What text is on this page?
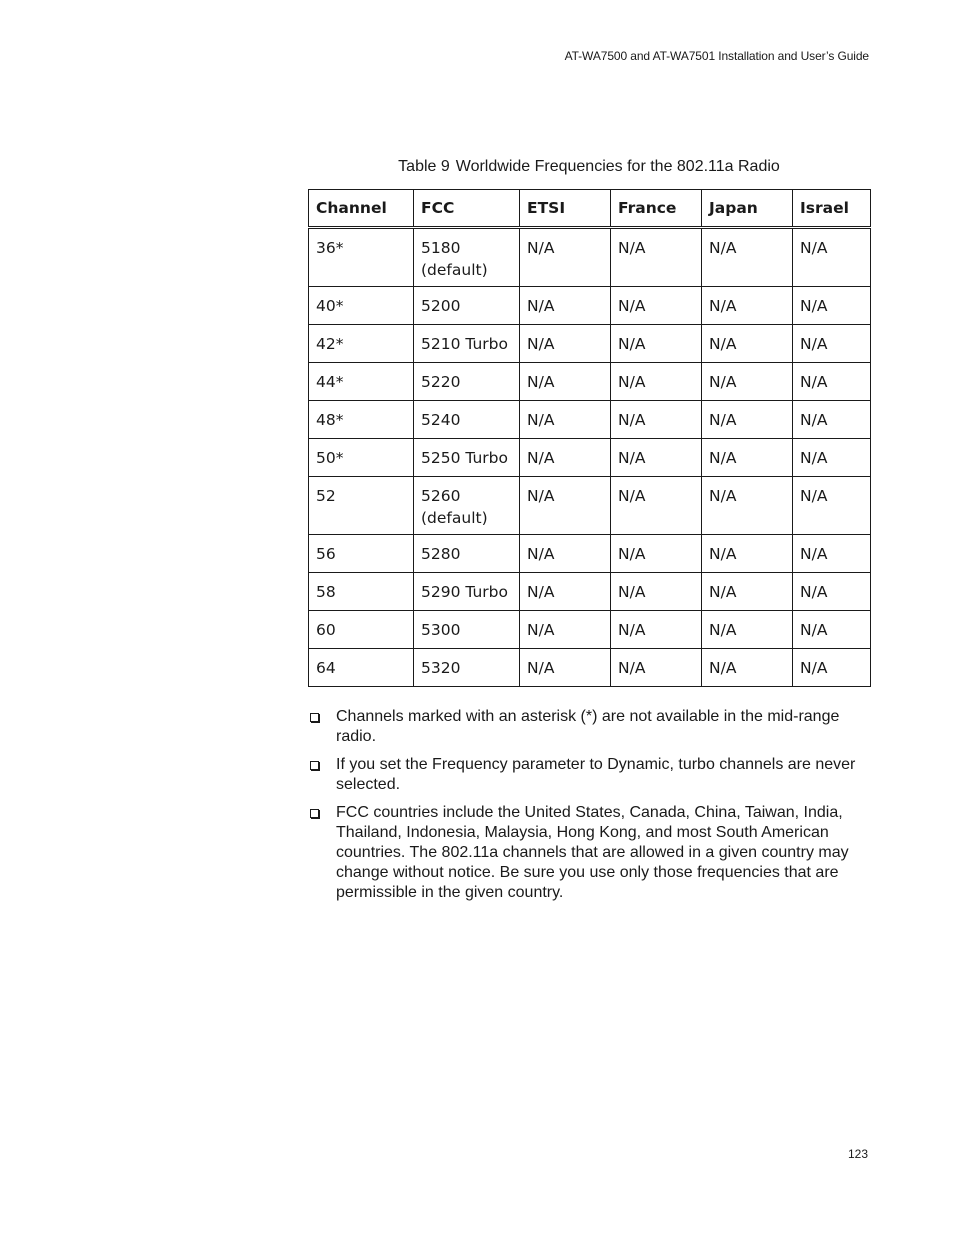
AT-WA7500 and AT-WA7501 Installation and User’s Guide
Table 9 Worldwide Frequencies for the 802.11a Radio
Channel	FCC	ETSI	France	Japan	Israel
36*	5180 (default)	N/A	N/A	N/A	N/A
40*	5200	N/A	N/A	N/A	N/A
42*	5210 Turbo	N/A	N/A	N/A	N/A
44*	5220	N/A	N/A	N/A	N/A
48*	5240	N/A	N/A	N/A	N/A
50*	5250 Turbo	N/A	N/A	N/A	N/A
52	5260 (default)	N/A	N/A	N/A	N/A
56	5280	N/A	N/A	N/A	N/A
58	5290 Turbo	N/A	N/A	N/A	N/A
60	5300	N/A	N/A	N/A	N/A
64	5320	N/A	N/A	N/A	N/A
Channels marked with an asterisk (*) are not available in the mid-range radio.
If you set the Frequency parameter to Dynamic, turbo channels are never selected.
FCC countries include the United States, Canada, China, Taiwan, India, Thailand, Indonesia, Malaysia, Hong Kong, and most South American countries. The 802.11a channels that are allowed in a given country may change without notice. Be sure you use only those frequencies that are permissible in the given country.
123
